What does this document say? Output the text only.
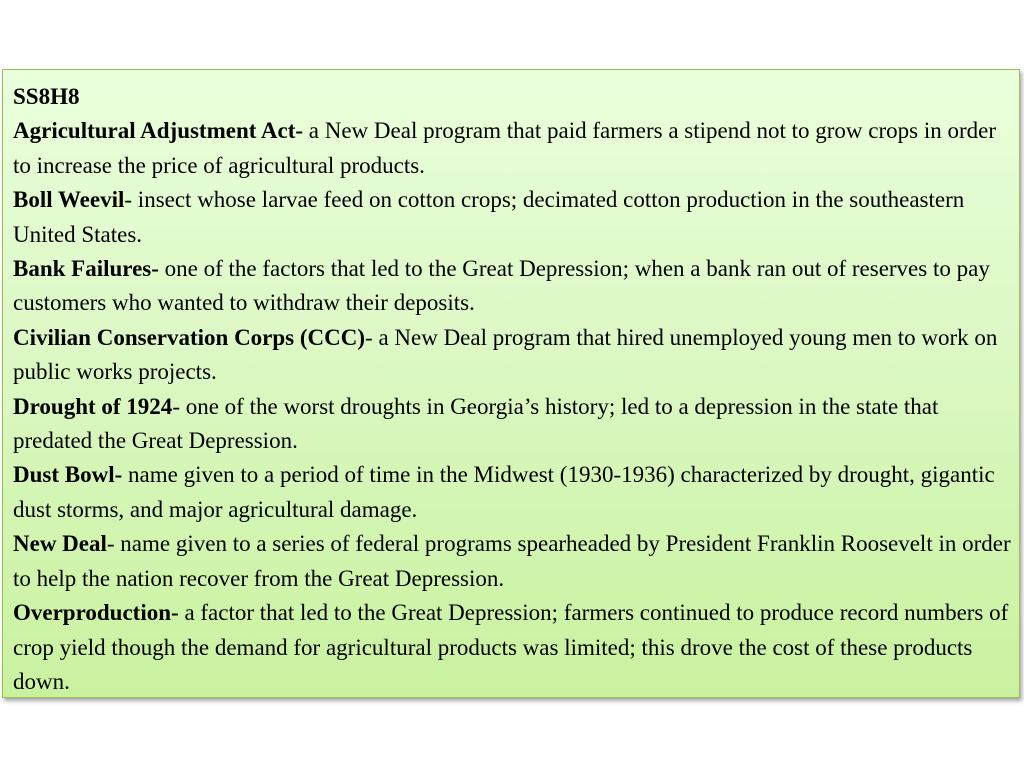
SS8H8

Agricultural Adjustment Act- a New Deal program that paid farmers a stipend not to grow crops in order to increase the price of agricultural products.

Boll Weevil- insect whose larvae feed on cotton crops; decimated cotton production in the southeastern United States.

Bank Failures- one of the factors that led to the Great Depression; when a bank ran out of reserves to pay customers who wanted to withdraw their deposits.

Civilian Conservation Corps (CCC)- a New Deal program that hired unemployed young men to work on public works projects.

Drought of 1924- one of the worst droughts in Georgia’s history; led to a depression in the state that predated the Great Depression.

Dust Bowl- name given to a period of time in the Midwest (1930-1936) characterized by drought, gigantic dust storms, and major agricultural damage.

New Deal- name given to a series of federal programs spearheaded by President Franklin Roosevelt in order to help the nation recover from the Great Depression.

Overproduction- a factor that led to the Great Depression; farmers continued to produce record numbers of crop yield though the demand for agricultural products was limited; this drove the cost of these products down.
